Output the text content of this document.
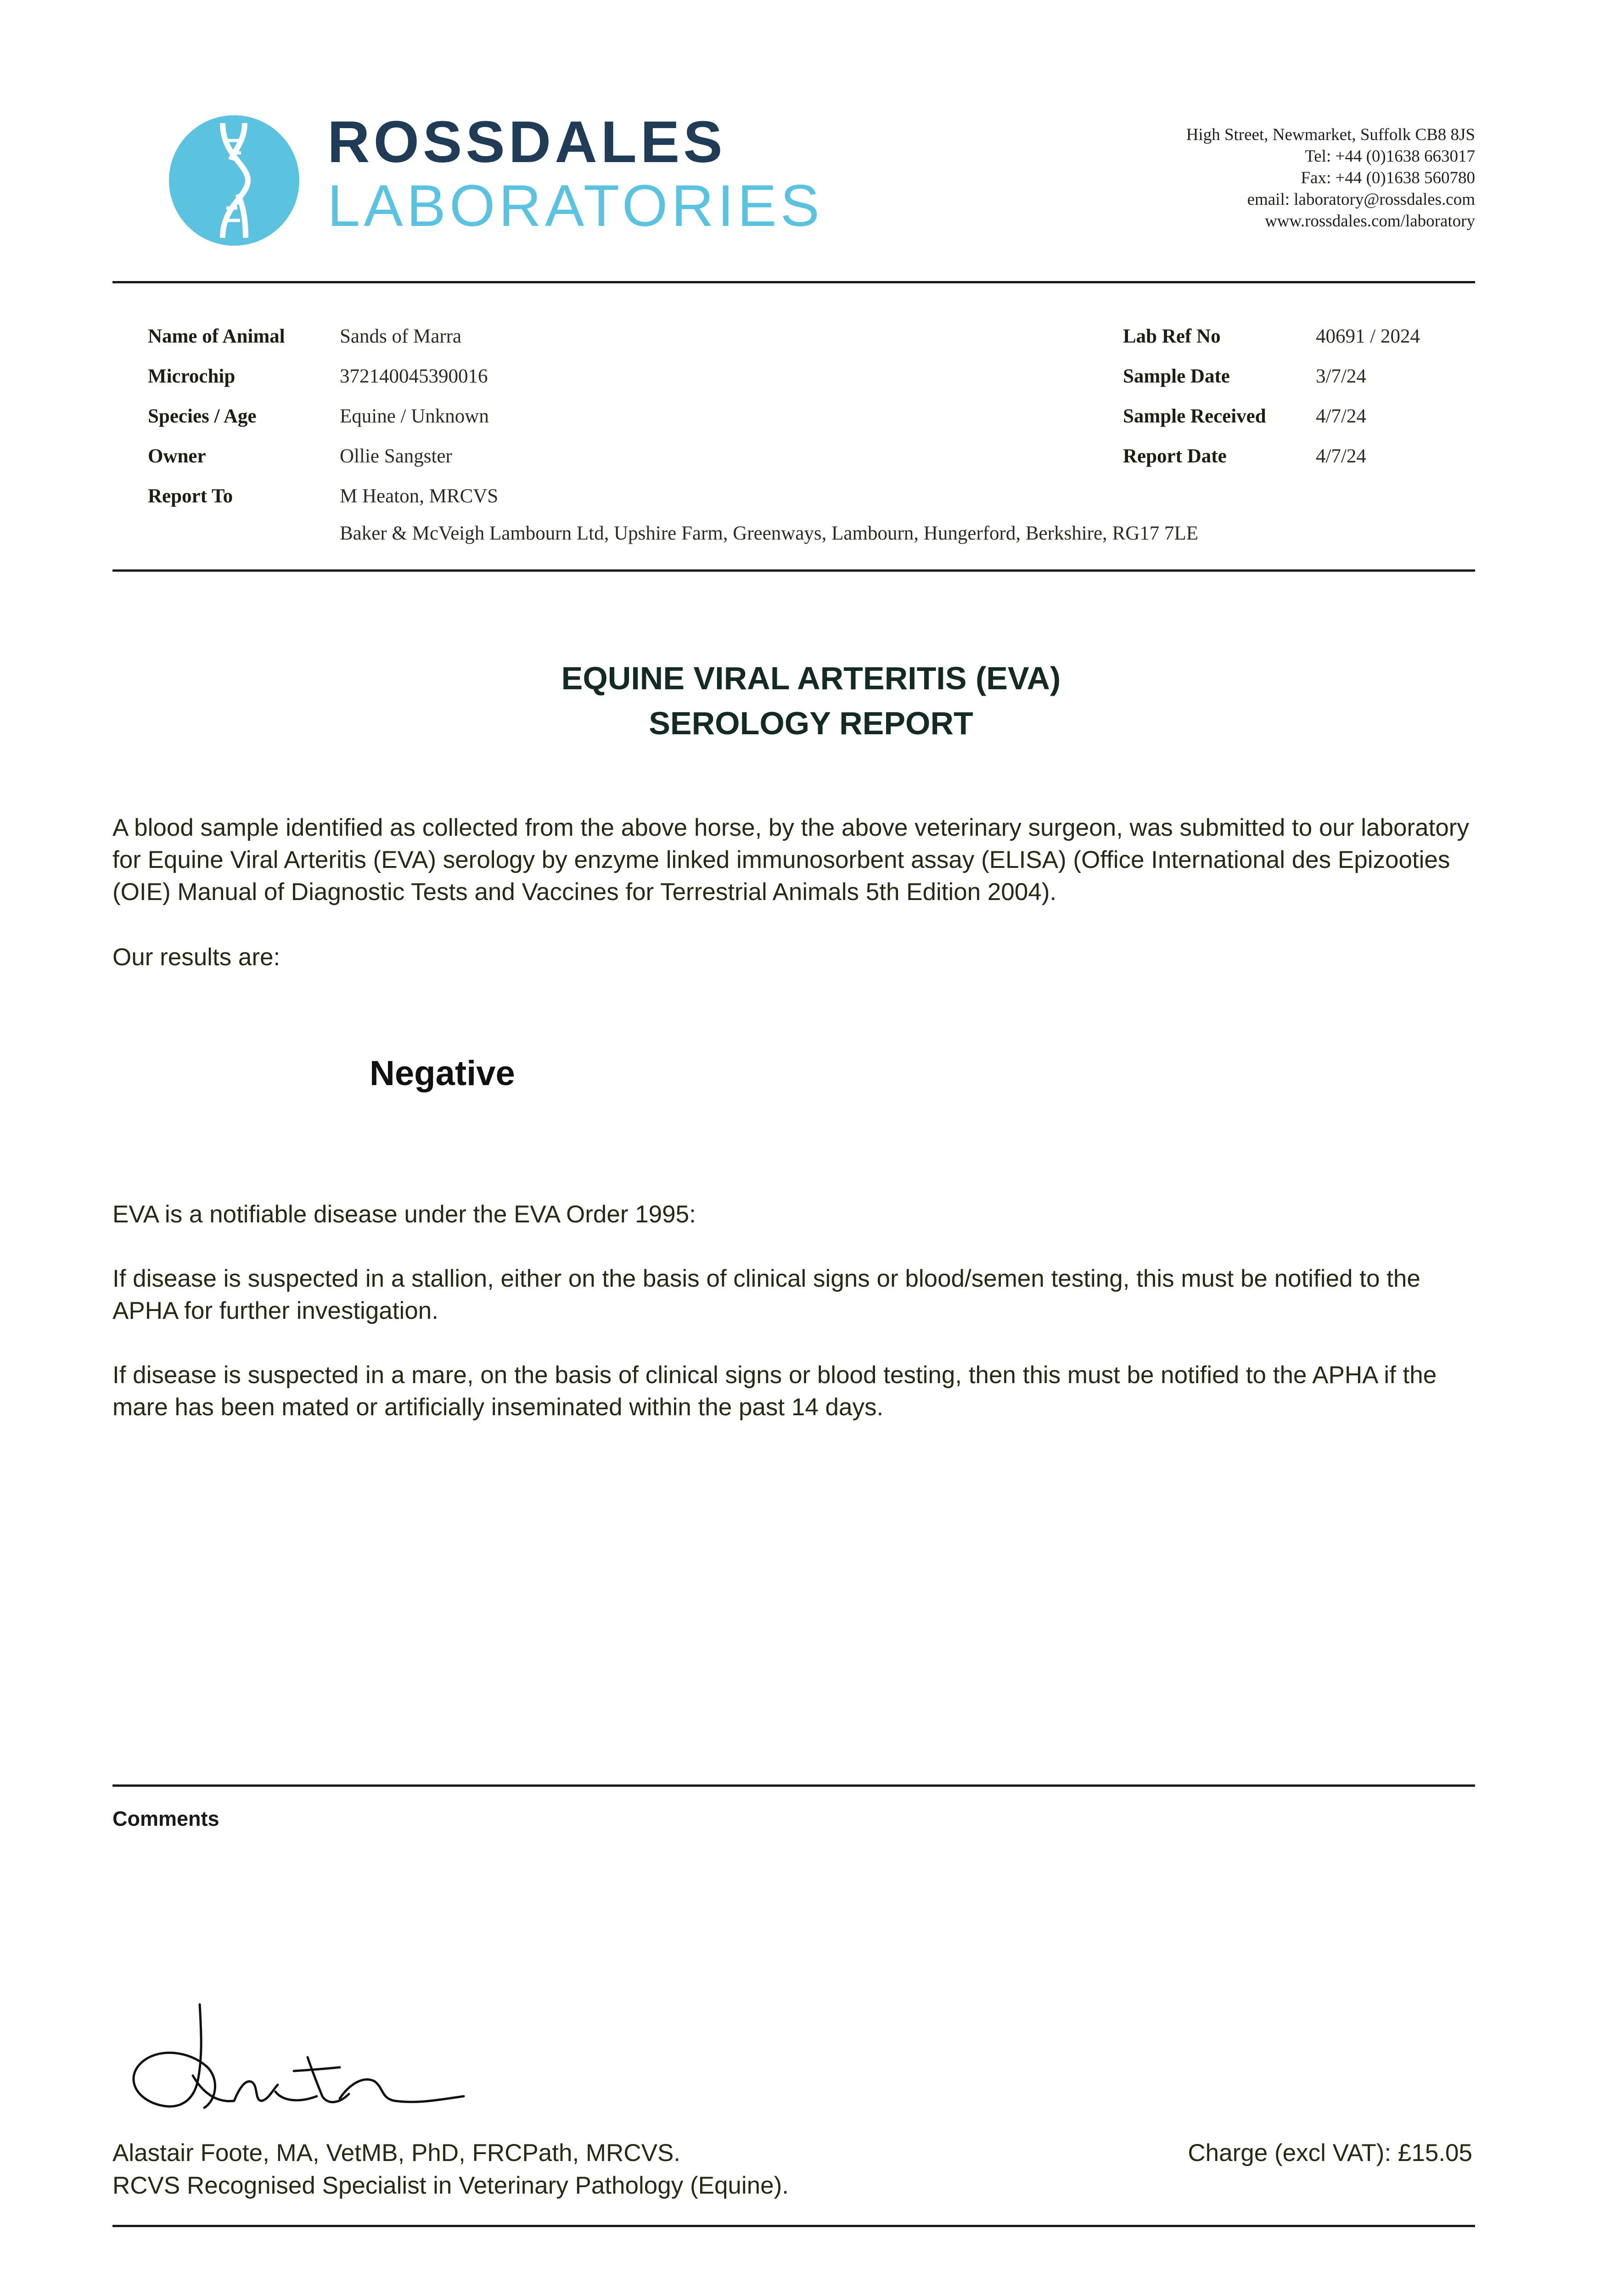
ROSSDALES
LABORATORIES
High Street, Newmarket, Suffolk CB8 8JS
Tel: +44 (0)1638 663017
Fax: +44 (0)1638 560780
email: laboratory@rossdales.com
www.rossdales.com/laboratory
Name of Animal	Sands of Marra
Microchip	372140045390016
Species / Age	Equine / Unknown
Owner	Ollie Sangster
Report To	M Heaton, MRCVS
Baker & McVeigh Lambourn Ltd, Upshire Farm, Greenways, Lambourn, Hungerford, Berkshire, RG17 7LE
Lab Ref No	40691 / 2024
Sample Date	3/7/24
Sample Received	4/7/24
Report Date	4/7/24
EQUINE VIRAL ARTERITIS (EVA)
SEROLOGY REPORT
A blood sample identified as collected from the above horse, by the above veterinary surgeon, was submitted to our laboratory for Equine Viral Arteritis (EVA) serology by enzyme linked immunosorbent assay (ELISA) (Office International des Epizooties (OIE) Manual of Diagnostic Tests and Vaccines for Terrestrial Animals 5th Edition 2004).
Our results are:
Negative
EVA is a notifiable disease under the EVA Order 1995:
If disease is suspected in a stallion, either on the basis of clinical signs or blood/semen testing, this must be notified to the APHA for further investigation.
If disease is suspected in a mare, on the basis of clinical signs or blood testing, then this must be notified to the APHA if the mare has been mated or artificially inseminated within the past 14 days.
Comments
Alastair Foote, MA, VetMB, PhD, FRCPath, MRCVS.
RCVS Recognised Specialist in Veterinary Pathology (Equine).
Charge (excl VAT): £15.05
